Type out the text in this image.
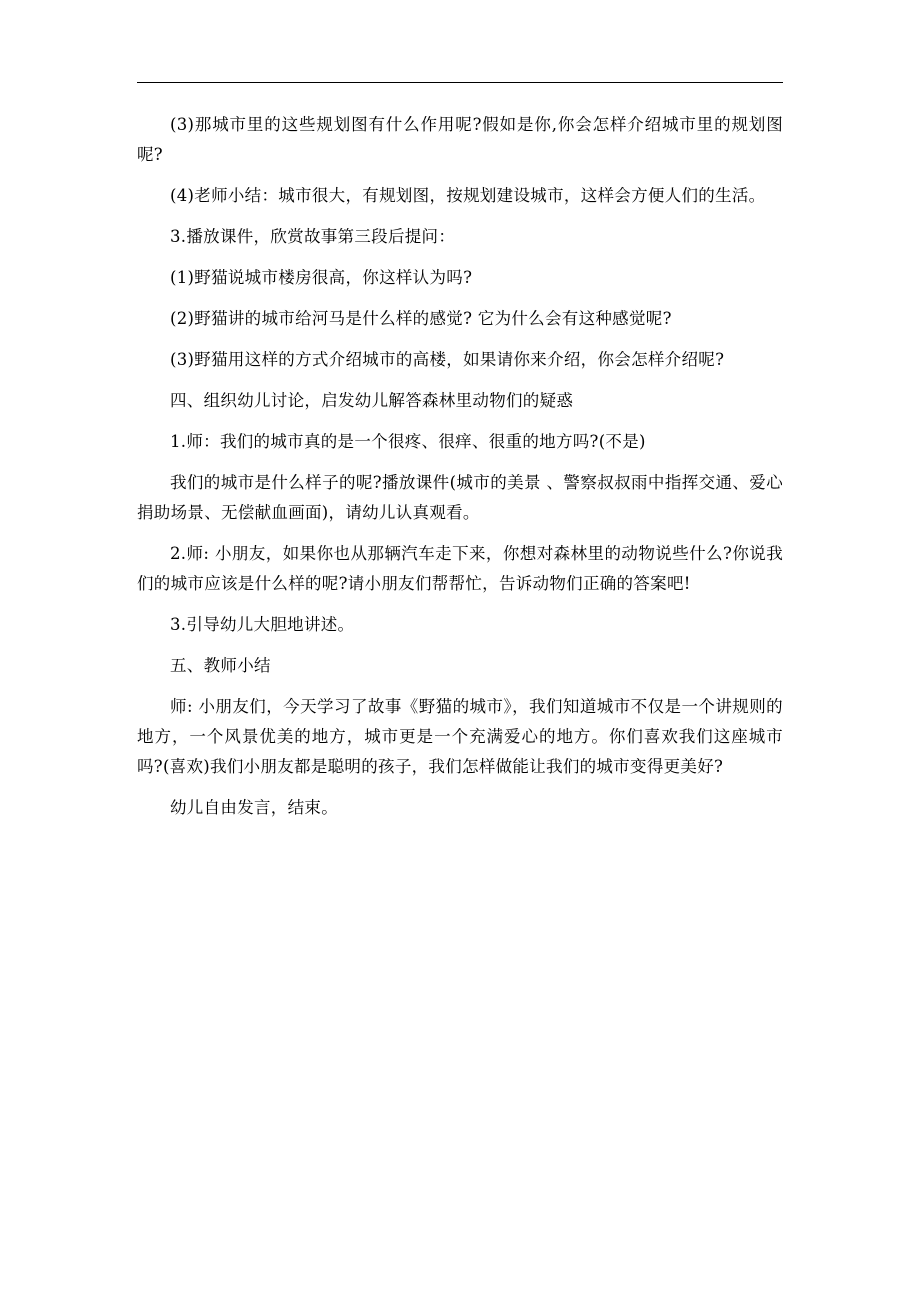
(3)那城市里的这些规划图有什么作用呢?假如是你,你会怎样介绍城市里的规划图呢?

(4)老师小结：城市很大，有规划图，按规划建设城市，这样会方便人们的生活。

3.播放课件，欣赏故事第三段后提问：

(1)野猫说城市楼房很高，你这样认为吗?

(2)野猫讲的城市给河马是什么样的感觉? 它为什么会有这种感觉呢?

(3)野猫用这样的方式介绍城市的高楼，如果请你来介绍，你会怎样介绍呢?

四、组织幼儿讨论，启发幼儿解答森林里动物们的疑惑

1.师：我们的城市真的是一个很疼、很痒、很重的地方吗?(不是)

我们的城市是什么样子的呢?播放课件(城市的美景 、警察叔叔雨中指挥交通、爱心捐助场景、无偿献血画面)，请幼儿认真观看。

2.师: 小朋友，如果你也从那辆汽车走下来，你想对森林里的动物说些什么?你说我们的城市应该是什么样的呢?请小朋友们帮帮忙，告诉动物们正确的答案吧!

3.引导幼儿大胆地讲述。

五、教师小结

师: 小朋友们，今天学习了故事《野猫的城市》，我们知道城市不仅是一个讲规则的地方，一个风景优美的地方，城市更是一个充满爱心的地方。你们喜欢我们这座城市吗?(喜欢)我们小朋友都是聪明的孩子，我们怎样做能让我们的城市变得更美好?

幼儿自由发言，结束。
